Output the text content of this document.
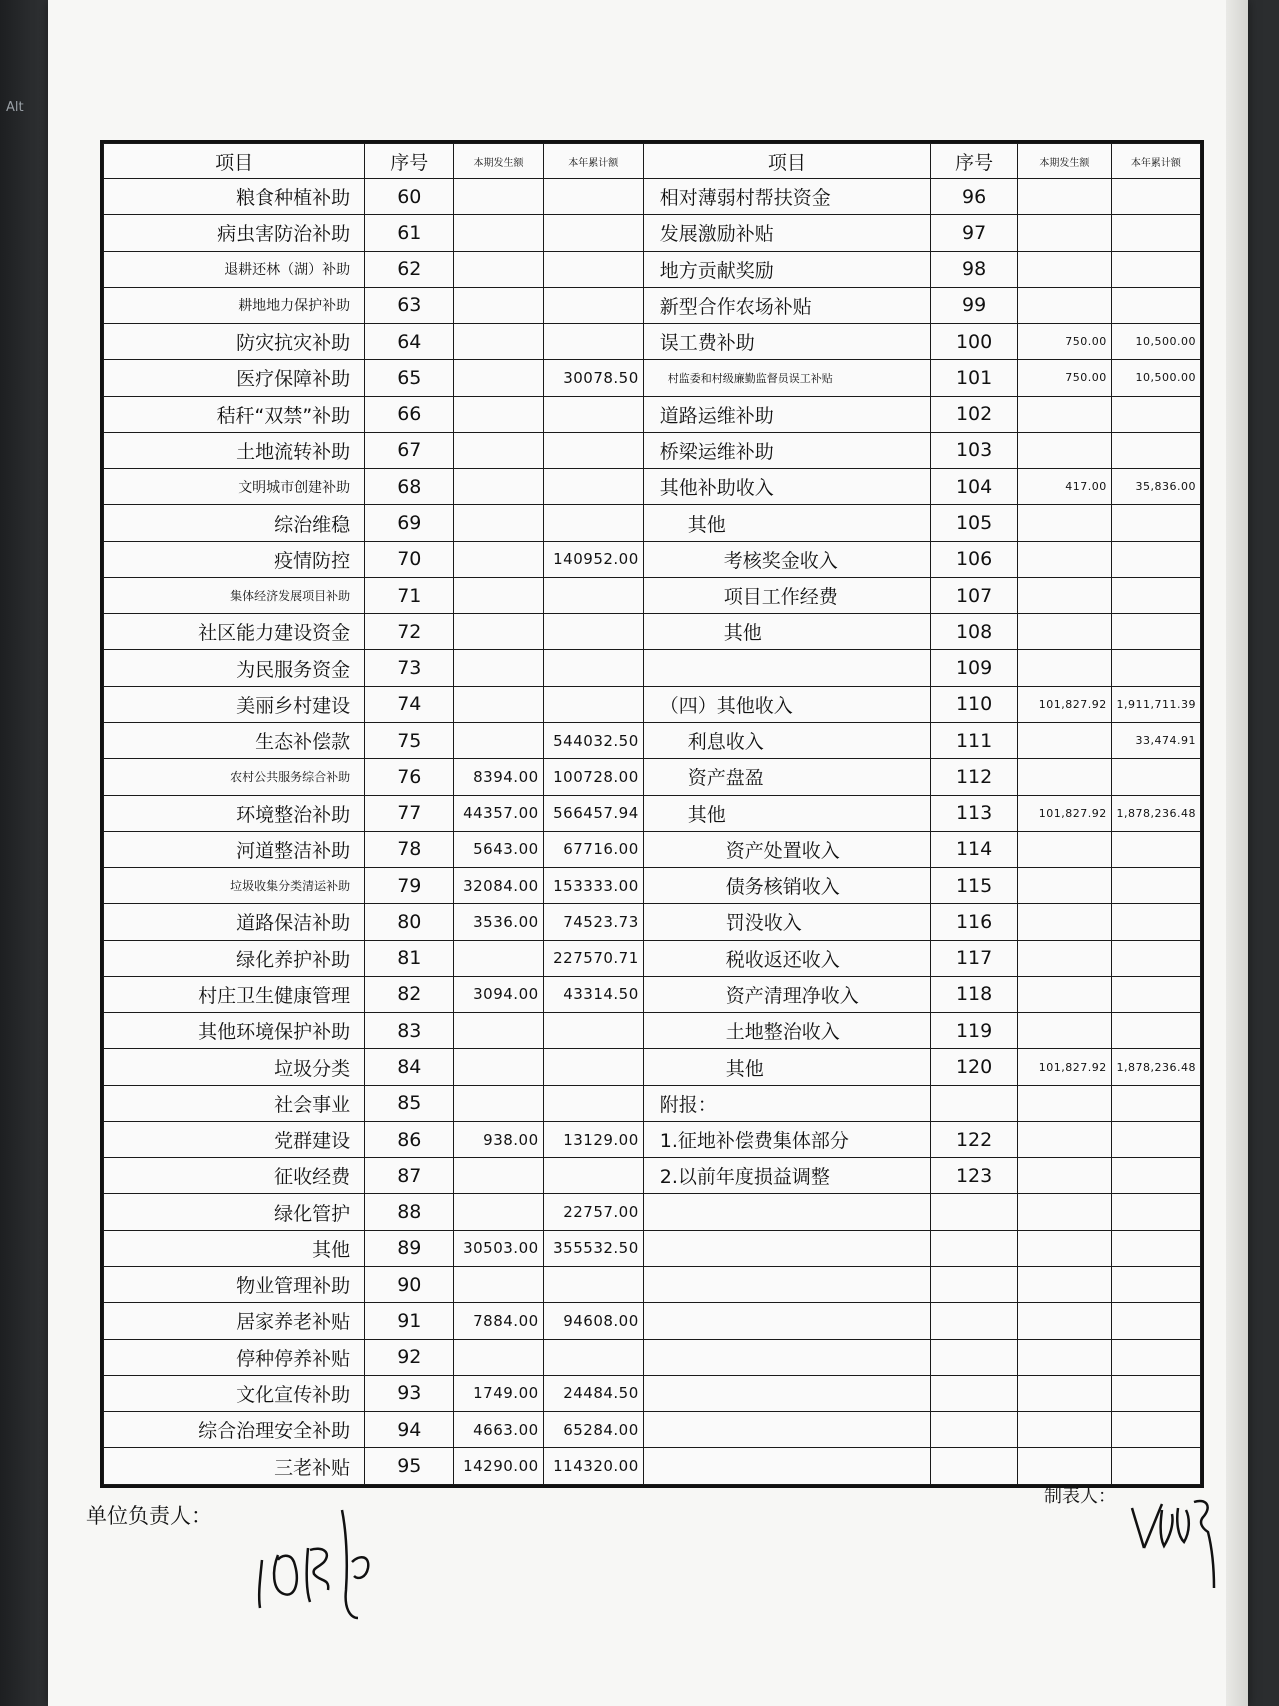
Alt
项目	序号	本期发生额	本年累计额	项目	序号	本期发生额	本年累计额
粮食种植补助	60			相对薄弱村帮扶资金	96		
病虫害防治补助	61			发展激励补贴	97		
退耕还林（湖）补助	62			地方贡献奖励	98		
耕地地力保护补助	63			新型合作农场补贴	99		
防灾抗灾补助	64			误工费补助	100	750.00	10,500.00
医疗保障补助	65		30078.50	村监委和村级廉勤监督员误工补贴	101	750.00	10,500.00
秸秆“双禁”补助	66			道路运维补助	102		
土地流转补助	67			桥梁运维补助	103		
文明城市创建补助	68			其他补助收入	104	417.00	35,836.00
综治维稳	69			其他	105		
疫情防控	70		140952.00	考核奖金收入	106		
集体经济发展项目补助	71			项目工作经费	107		
社区能力建设资金	72			其他	108		
为民服务资金	73				109		
美丽乡村建设	74			（四）其他收入	110	101,827.92	1,911,711.39
生态补偿款	75		544032.50	利息收入	111		33,474.91
农村公共服务综合补助	76	8394.00	100728.00	资产盘盈	112		
环境整治补助	77	44357.00	566457.94	其他	113	101,827.92	1,878,236.48
河道整洁补助	78	5643.00	67716.00	资产处置收入	114		
垃圾收集分类清运补助	79	32084.00	153333.00	债务核销收入	115		
道路保洁补助	80	3536.00	74523.73	罚没收入	116		
绿化养护补助	81		227570.71	税收返还收入	117		
村庄卫生健康管理	82	3094.00	43314.50	资产清理净收入	118		
其他环境保护补助	83			土地整治收入	119		
垃圾分类	84			其他	120	101,827.92	1,878,236.48
社会事业	85			附报：			
党群建设	86	938.00	13129.00	1.征地补偿费集体部分	122		
征收经费	87			2.以前年度损益调整	123		
绿化管护	88		22757.00				
其他	89	30503.00	355532.50				
物业管理补助	90						
居家养老补贴	91	7884.00	94608.00				
停种停养补贴	92						
文化宣传补助	93	1749.00	24484.50				
综合治理安全补助	94	4663.00	65284.00				
三老补贴	95	14290.00	114320.00				
单位负责人：
制表人：
